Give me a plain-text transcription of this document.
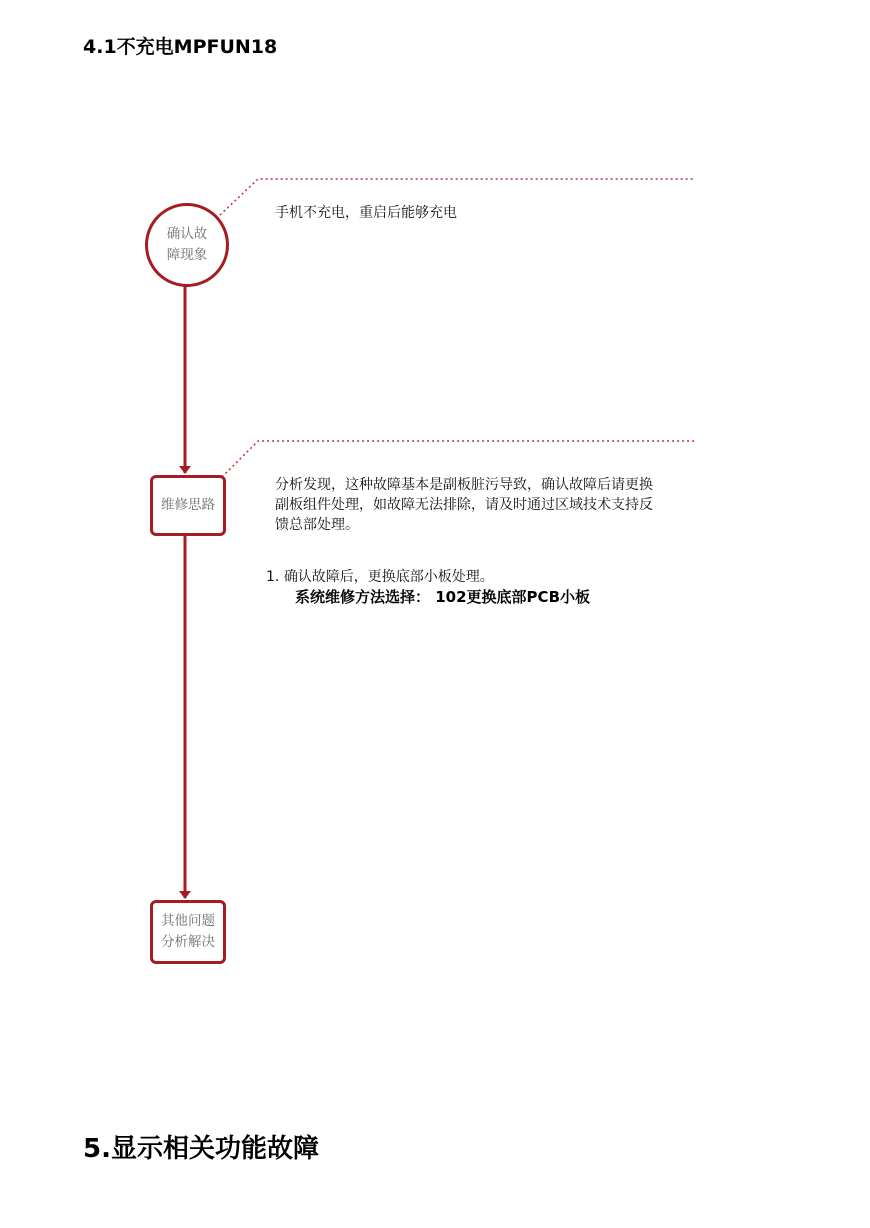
4.1不充电MPFUN18
确认故
障现象
维修思路
其他问题
分析解决
手机不充电，重启后能够充电
分析发现，这种故障基本是副板脏污导致，确认故障后请更换副板组件处理，如故障无法排除，请及时通过区域技术支持反馈总部处理。
1. 确认故障后，更换底部小板处理。
系统维修方法选择： 102更换底部PCB小板
5.显示相关功能故障
